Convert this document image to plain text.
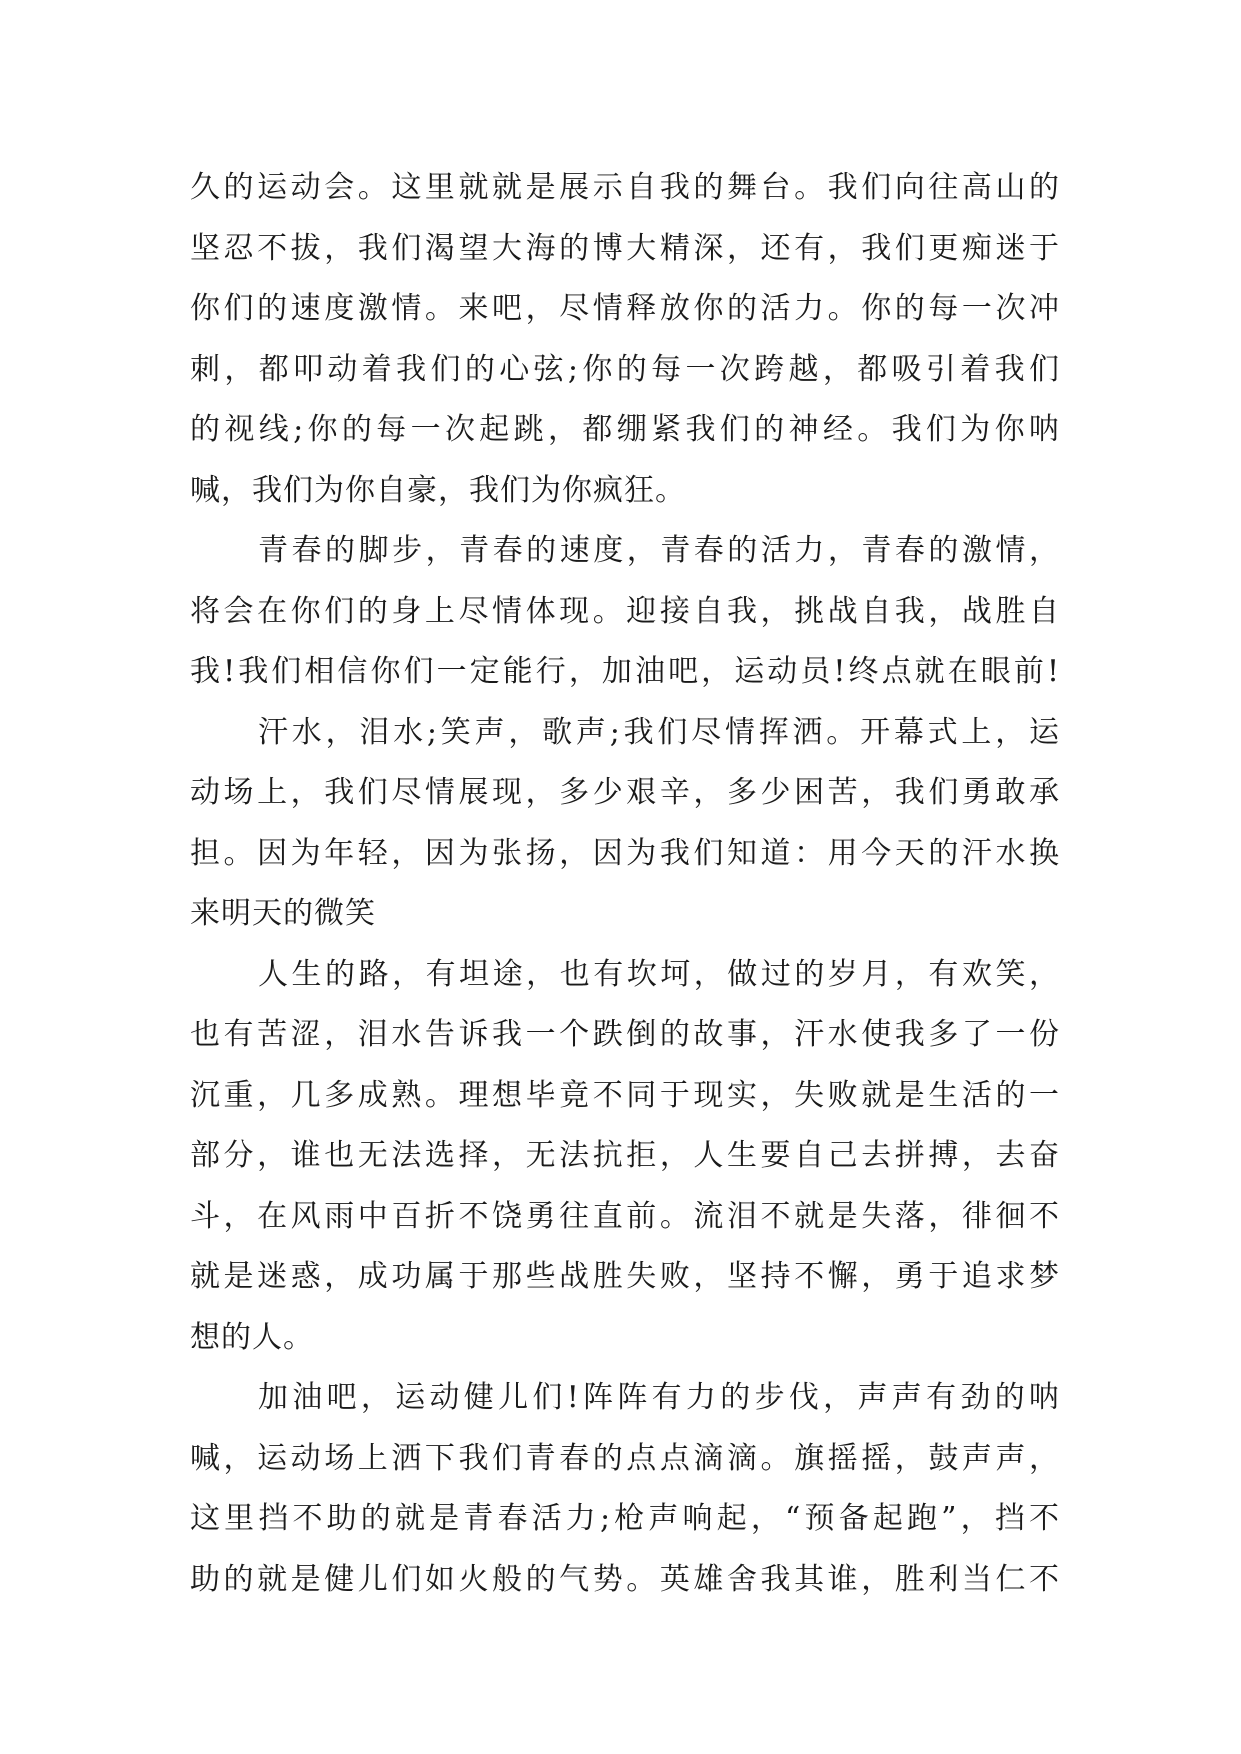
久的运动会。这里就就是展示自我的舞台。我们向往高山的
坚忍不拔，我们渴望大海的博大精深，还有，我们更痴迷于
你们的速度激情。来吧，尽情释放你的活力。你的每一次冲
刺，都叩动着我们的心弦;你的每一次跨越，都吸引着我们
的视线;你的每一次起跳，都绷紧我们的神经。我们为你呐
喊，我们为你自豪，我们为你疯狂。
青春的脚步，青春的速度，青春的活力，青春的激情，
将会在你们的身上尽情体现。迎接自我，挑战自我，战胜自
我!我们相信你们一定能行，加油吧，运动员!终点就在眼前!
汗水，泪水;笑声，歌声;我们尽情挥洒。开幕式上，运
动场上，我们尽情展现，多少艰辛，多少困苦，我们勇敢承
担。因为年轻，因为张扬，因为我们知道：用今天的汗水换
来明天的微笑
人生的路，有坦途，也有坎坷，做过的岁月，有欢笑，
也有苦涩，泪水告诉我一个跌倒的故事，汗水使我多了一份
沉重，几多成熟。理想毕竟不同于现实，失败就是生活的一
部分，谁也无法选择，无法抗拒，人生要自己去拼搏，去奋
斗，在风雨中百折不饶勇往直前。流泪不就是失落，徘徊不
就是迷惑，成功属于那些战胜失败，坚持不懈，勇于追求梦
想的人。
加油吧，运动健儿们!阵阵有力的步伐，声声有劲的呐
喊，运动场上洒下我们青春的点点滴滴。旗摇摇，鼓声声，
这里挡不助的就是青春活力;枪声响起，“预备起跑”，挡不
助的就是健儿们如火般的气势。英雄舍我其谁，胜利当仁不
